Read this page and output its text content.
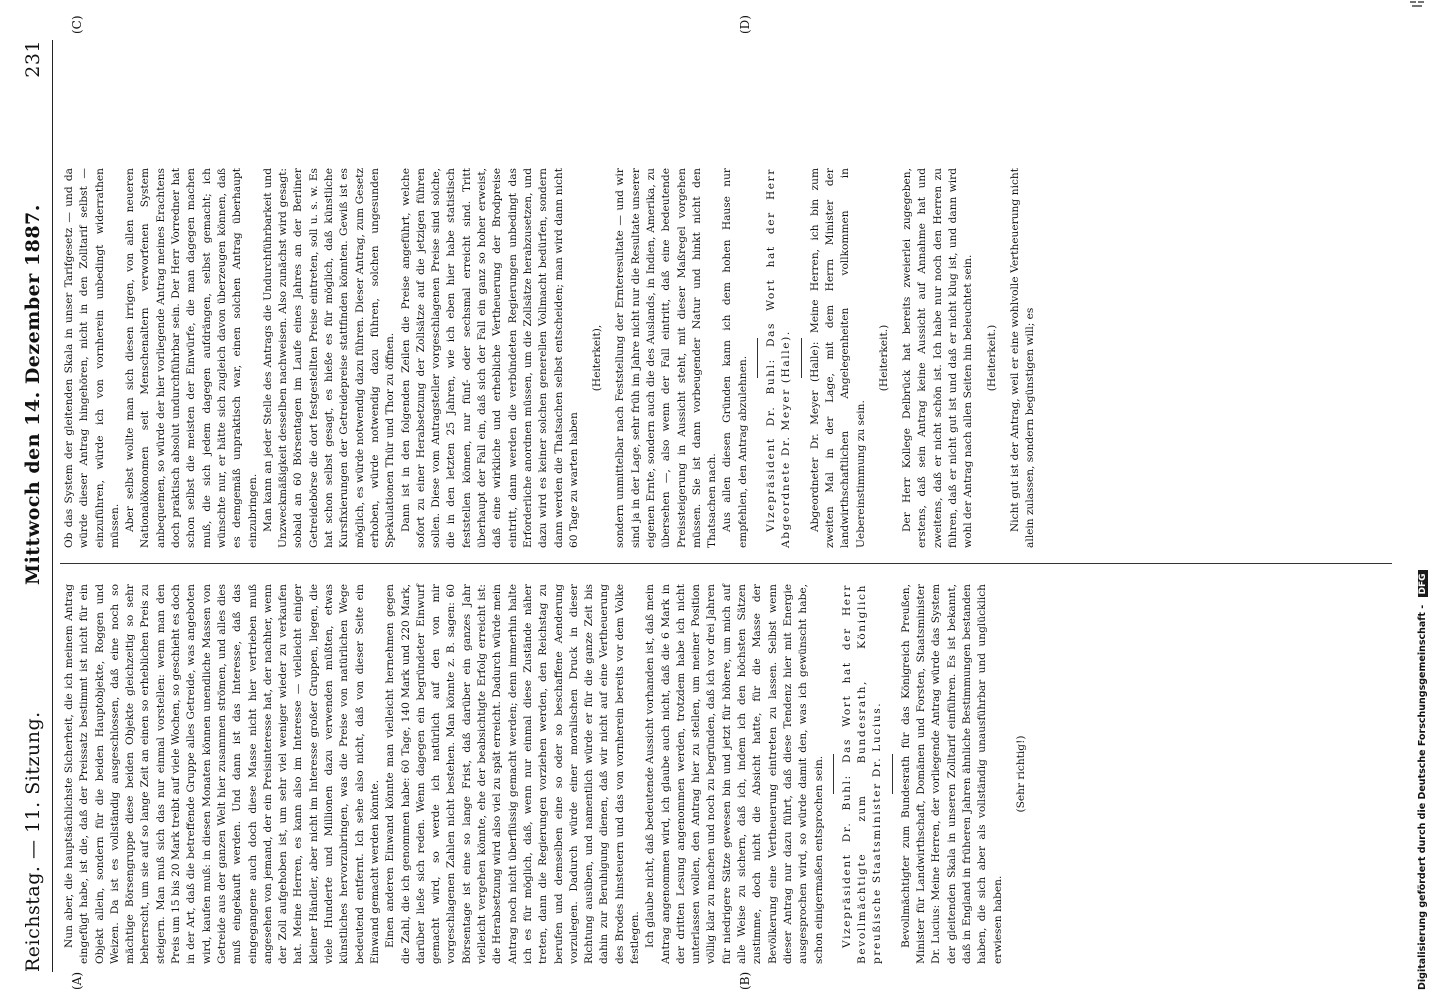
Reichstag. — 11. Sitzung.
Mittwoch den 14. Dezember 1887.
231
(A)	(B)
(C)	(D)

Nun aber, die hauptsächlichste Sicherheit, die ich meinem Antrag eingefügt habe, ist die, daß der Preissatz bestimmt ist nicht für ein Objekt allein, sondern für die beiden Hauptobjekte, Roggen und Weizen. Da ist es vollständig ausgeschlossen, daß eine noch so mächtige Börsengruppe diese beiden Objekte gleichzeitig so sehr beherrscht, um sie auf so lange Zeit an einen so erheblichen Preis zu steigern. Man muß sich das nur einmal vorstellen: wenn man den Preis um 15 bis 20 Mark treibt auf viele Wochen, so geschieht es doch in der Art, daß die betreffende Gruppe alles Getreide, was angeboten wird, kaufen muß: in diesen Monaten können unendliche Massen von Getreide aus der ganzen Welt hier zusammen strömen, und alles dies muß eingekauft werden. Und dann ist das Interesse, daß das eingegangene auch doch diese Masse nicht hier vertrieben muß angesehen von jemand, der ein Preisinteresse hat, der nachher, wenn der Zoll aufgehoben ist, um sehr viel weniger wieder zu verkaufen hat. Meine Herren, es kann also im Interesse — vielleicht einiger kleiner Händler, aber nicht im Interesse großer Gruppen, liegen, die viele Hunderte und Millionen dazu verwenden müßten, etwas künstliches hervorzubringen, was die Preise von natürlichen Wege bedeutend entfernt. Ich sehe also nicht, daß von dieser Seite ein Einwand gemacht werden könnte. Einen anderen Einwand könnte man vielleicht hernehmen gegen die Zahl, die ich genommen habe: 60 Tage, 140 Mark und 220 Mark, darüber ließe sich reden. Wenn dagegen ein begründeter Einwurf gemacht wird, so werde ich natürlich auf den von mir vorgeschlagenen Zahlen nicht bestehen. Man könnte z. B. sagen: 60 Börsentage ist eine so lange Frist, daß darüber ein ganzes Jahr vielleicht vergehen könnte, ehe der beabsichtigte Erfolg erreicht ist: die Herabsetzung wird also viel zu spät erreicht. Dadurch würde mein Antrag noch nicht überflüssig gemacht werden; denn immerhin halte ich es für möglich, daß, wenn nur einmal diese Zustände näher treten, dann die Regierungen vorziehen werden, den Reichstag zu berufen und demselben eine so oder so beschaffene Aenderung vorzulegen. Dadurch würde einer moralischen Druck in dieser Richtung ausüben, und namentlich würde er für die ganze Zeit bis dahin zur Beruhigung dienen, daß wir nicht auf eine Vertheuerung des Brodes hinsteuern und das von vornherein bereits vor dem Volke festlegen. Ich glaube nicht, daß bedeutende Aussicht vorhanden ist, daß mein Antrag angenommen wird, ich glaube auch nicht, daß die 6 Mark in der dritten Lesung angenommen werden, trotzdem habe ich nicht unterlassen wollen, den Antrag hier zu stellen, um meiner Position völlig klar zu machen und noch zu begründen, daß ich vor drei Jahren für niedrigere Sätze gewesen bin und jetzt für höhere, um mich auf alle Weise zu sichern, daß ich, indem ich den höchsten Sätzen zustimme, doch nicht die Absicht hatte, für die Masse der Bevölkerung eine Vertheuerung eintreten zu lassen. Selbst wenn dieser Antrag nur dazu führt, daß diese Tendenz hier mit Energie ausgesprochen wird, so würde damit den, was ich gewünscht habe, schon einigermaßen entsprochen sein. Vizepräsident Dr. Buhl: Das Wort hat der Herr Bevollmächtigte zum Bundesrath, Königlich preußische Staatsminister Dr. Lucius. Bevollmächtigter zum Bundesrath für das Königreich Preußen, Minister für Landwirthschaft, Domänen und Forsten, Staatsminister Dr. Lucius: Meine Herren, der vorliegende Antrag würde das System der gleitenden Skala in unseren Zolltarif einführen. Es ist bekannt, daß in England in früheren Jahren ähnliche Bestimmungen bestanden haben, die sich aber als vollständig unausführbar und unglücklich erwiesen haben.

(Sehr richtig!)

Ob das System der gleitenden Skala in unser Tarifgesetz — und da würde dieser Antrag hingehören, nicht in den Zolltarif selbst — einzuführen, würde ich von vornherein unbedingt widerrathen müssen. Aber selbst wollte man sich diesen irrigen, von allen neueren Nationalökonomen seit Menschenaltern verworfenen System anbequemen, so würde der hier vorliegende Antrag meines Erachtens doch praktisch absolut undurchführbar sein. Der Herr Vorredner hat schon selbst die meisten der Einwürfe, die man dagegen machen muß, die sich jedem dagegen aufdrängen, selbst gemacht; ich wünschte nur, er hätte sich zugleich davon überzeugen können, daß es demgemäß unpraktisch war, einen solchen Antrag überhaupt einzubringen. Man kann an jeder Stelle des Antrags die Undurchführbarkeit und Unzweckmäßigkeit desselben nachweisen. Also zunächst wird gesagt: sobald an 60 Börsentagen im Laufe eines Jahres an der Berliner Getreidebörse die dort festgestellten Preise eintreten, soll u. s. w. Es hat schon selbst gesagt, es hieße es für möglich, daß künstliche Kursfixierungen der Getreidepreise stattfinden könnten. Gewiß ist es möglich, es würde notwendig dazu führen. Dieser Antrag, zum Gesetz erhoben, würde notwendig dazu führen, solchen ungesunden Spekulationen Thür und Thor zu öffnen. Dann ist in den folgenden Zeilen die Preise angeführt, welche sofort zu einer Herabsetzung der Zollsätze auf die jetzigen führen sollen. Diese vom Antragsteller vorgeschlagenen Preise sind solche, die in den letzten 25 Jahren, wie ich eben hier habe statistisch feststellen können, nur fünf- oder sechsmal erreicht sind. Tritt überhaupt der Fall ein, daß sich der Fall ein ganz so hoher erweist, daß eine wirkliche und erhebliche Vertheuerung der Brodpreise eintritt, dann werden die verbündeten Regierungen unbedingt das Erforderliche anordnen müssen, um die Zollsätze herabzusetzen, und dazu wird es keiner solchen generellen Vollmacht bedürfen, sondern dann werden die Thatsachen selbst entscheiden; man wird dann nicht 60 Tage zu warten haben

(Heiterkeit), sondern unmittelbar nach Feststellung der Ernteresultate — und wir sind ja in der Lage, sehr früh im Jahre nicht nur die Resultate unserer eigenen Ernte, sondern auch die des Auslands, in Indien, Amerika, zu übersehen —, also wenn der Fall eintritt, daß eine bedeutende Preissteigerung in Aussicht steht, mit dieser Maßregel vorgehen müssen. Sie ist dann vorbeugender Natur und hinkt nicht den Thatsachen nach. Aus allen diesen Gründen kann ich dem hohen Hause nur empfehlen, den Antrag abzulehnen. Vizepräsident Dr. Buhl: Das Wort hat der Herr Abgeordnete Dr. Meyer (Halle). Abgeordneter Dr. Meyer (Halle): Meine Herren, ich bin zum zweiten Mal in der Lage, mit dem Herrn Minister der landwirthschaftlichen Angelegenheiten vollkommen in Uebereinstimmung zu sein.

(Heiterkeit.) Der Herr Kollege Delbrück hat bereits zweierlei zugegeben, erstens, daß sein Antrag keine Aussicht auf Annahme hat und zweitens, daß er nicht schön ist. Ich habe nur noch den Herren zu führen, daß er nicht gut ist und daß er nicht klug ist, und dann wird wohl der Antrag nach allen Seiten hin beleuchtet sein. (Heiterkeit.) Nicht gut ist der Antrag, weil er eine wohlvolle Vertheuerung nicht allein zulassen, sondern begünstigen will; es

Digitalisierung gefördert durch die Deutsche Forschungsgemeinschaft - DFG
